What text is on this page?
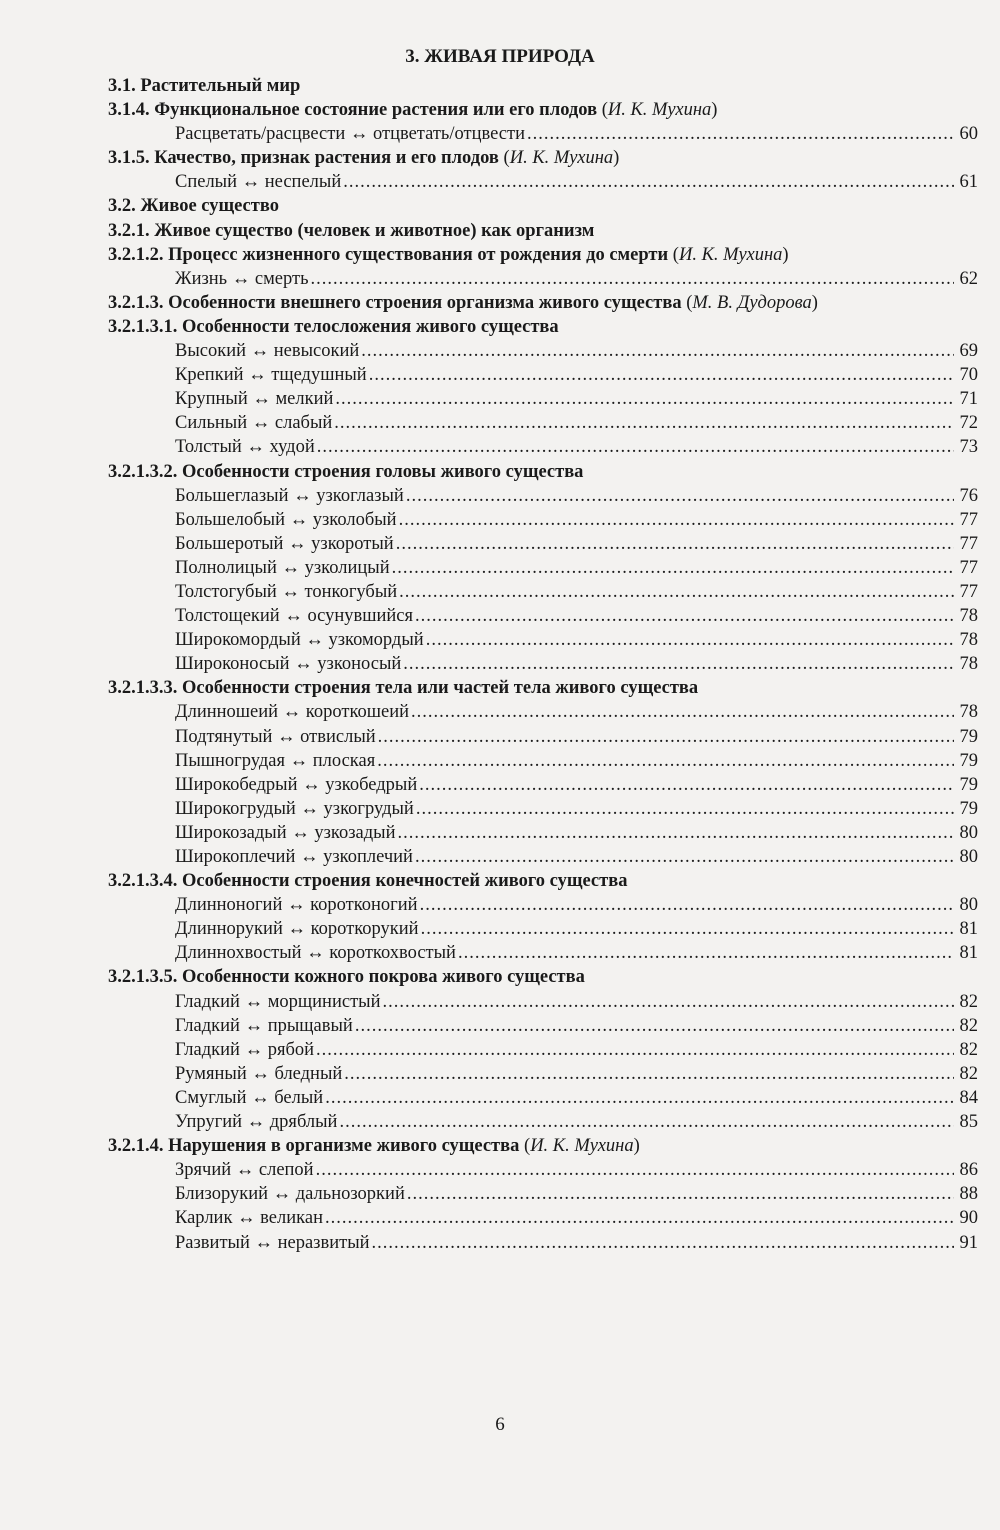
3. ЖИВАЯ ПРИРОДА
3.1. Растительный мир
3.1.4. Функциональное состояние растения или его плодов (И. К. Мухина)
Расцветать/расцвести ↔ отцветать/отцвести .....	60
3.1.5. Качество, признак растения и его плодов (И. К. Мухина)
Спелый ↔ неспелый .....	61
3.2. Живое существо
3.2.1. Живое существо (человек и животное) как организм
3.2.1.2. Процесс жизненного существования от рождения до смерти (И. К. Мухина)
Жизнь ↔ смерть .....	62
3.2.1.3. Особенности внешнего строения организма живого существа (М. В. Дудорова)
3.2.1.3.1. Особенности телосложения живого существа
Высокий ↔ невысокий .....	69
Крепкий ↔ тщедушный .....	70
Крупный ↔ мелкий .....	71
Сильный ↔ слабый .....	72
Толстый ↔ худой .....	73
3.2.1.3.2. Особенности строения головы живого существа
Большеглазый ↔ узкоглазый .....	76
Большелобый ↔ узколобый .....	77
Большеротый ↔ узкоротый .....	77
Полнолицый ↔ узколицый .....	77
Толстогубый ↔ тонкогубый .....	77
Толстощекий ↔ осунувшийся .....	78
Широкомордый ↔ узкомордый .....	78
Широконосый ↔ узконосый .....	78
3.2.1.3.3. Особенности строения тела или частей тела живого существа
Длинношеий ↔ короткошеий .....	78
Подтянутый ↔ отвислый .....	79
Пышногрудая ↔ плоская .....	79
Широкобедрый ↔ узкобедрый .....	79
Широкогрудый ↔ узкогрудый .....	79
Широкозадый ↔ узкозадый .....	80
Широкоплечий ↔ узкоплечий .....	80
3.2.1.3.4. Особенности строения конечностей живого существа
Длинноногий ↔ коротконогий .....	80
Длиннорукий ↔ короткорукий .....	81
Длиннохвостый ↔ короткохвостый .....	81
3.2.1.3.5. Особенности кожного покрова живого существа
Гладкий ↔ морщинистый .....	82
Гладкий ↔ прыщавый .....	82
Гладкий ↔ рябой .....	82
Румяный ↔ бледный .....	82
Смуглый ↔ белый .....	84
Упругий ↔ дряблый .....	85
3.2.1.4. Нарушения в организме живого существа (И. К. Мухина)
Зрячий ↔ слепой .....	86
Близорукий ↔ дальнозоркий .....	88
Карлик ↔ великан .....	90
Развитый ↔ неразвитый .....	91
6
